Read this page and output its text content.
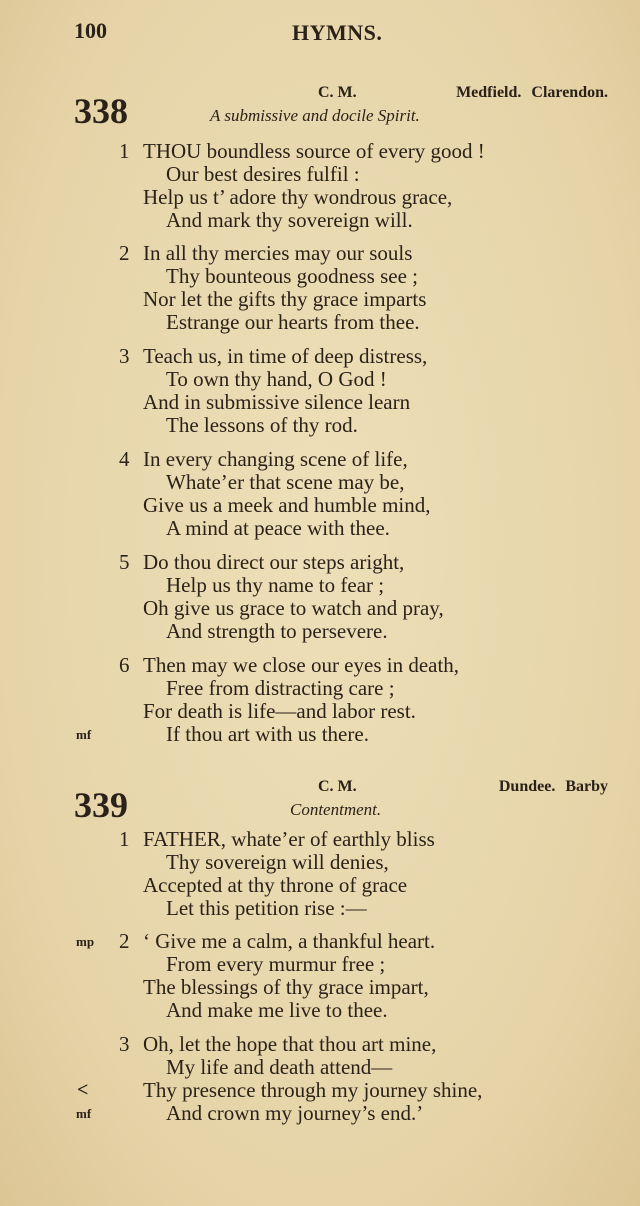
100	HYMNS.
338	C. M.	Medfield. Clarendon.
A submissive and docile Spirit.
1 THOU boundless source of every good !
Our best desires fulfil :
Help us t’ adore thy wondrous grace,
And mark thy sovereign will.
2 In all thy mercies may our souls
Thy bounteous goodness see ;
Nor let the gifts thy grace imparts
Estrange our hearts from thee.
3 Teach us, in time of deep distress,
To own thy hand, O God !
And in submissive silence learn
The lessons of thy rod.
4 In every changing scene of life,
Whate’er that scene may be,
Give us a meek and humble mind,
A mind at peace with thee.
5 Do thou direct our steps aright,
Help us thy name to fear ;
Oh give us grace to watch and pray,
And strength to persevere.
6 Then may we close our eyes in death,
Free from distracting care ;
For death is life—and labor rest.
mf	If thou art with us there.
339	C. M.	Dundee. Barby
Contentment.
1 FATHER, whate’er of earthly bliss
Thy sovereign will denies,
Accepted at thy throne of grace
Let this petition rise :—
2
mp ‘ Give me a calm, a thankful heart.
From every murmur free ;
The blessings of thy grace impart,
And make me live to thee.
3 Oh, let the hope that thou art mine,
My life and death attend—
<	Thy presence through my journey shine,
mf	And crown my journey’s end.’
